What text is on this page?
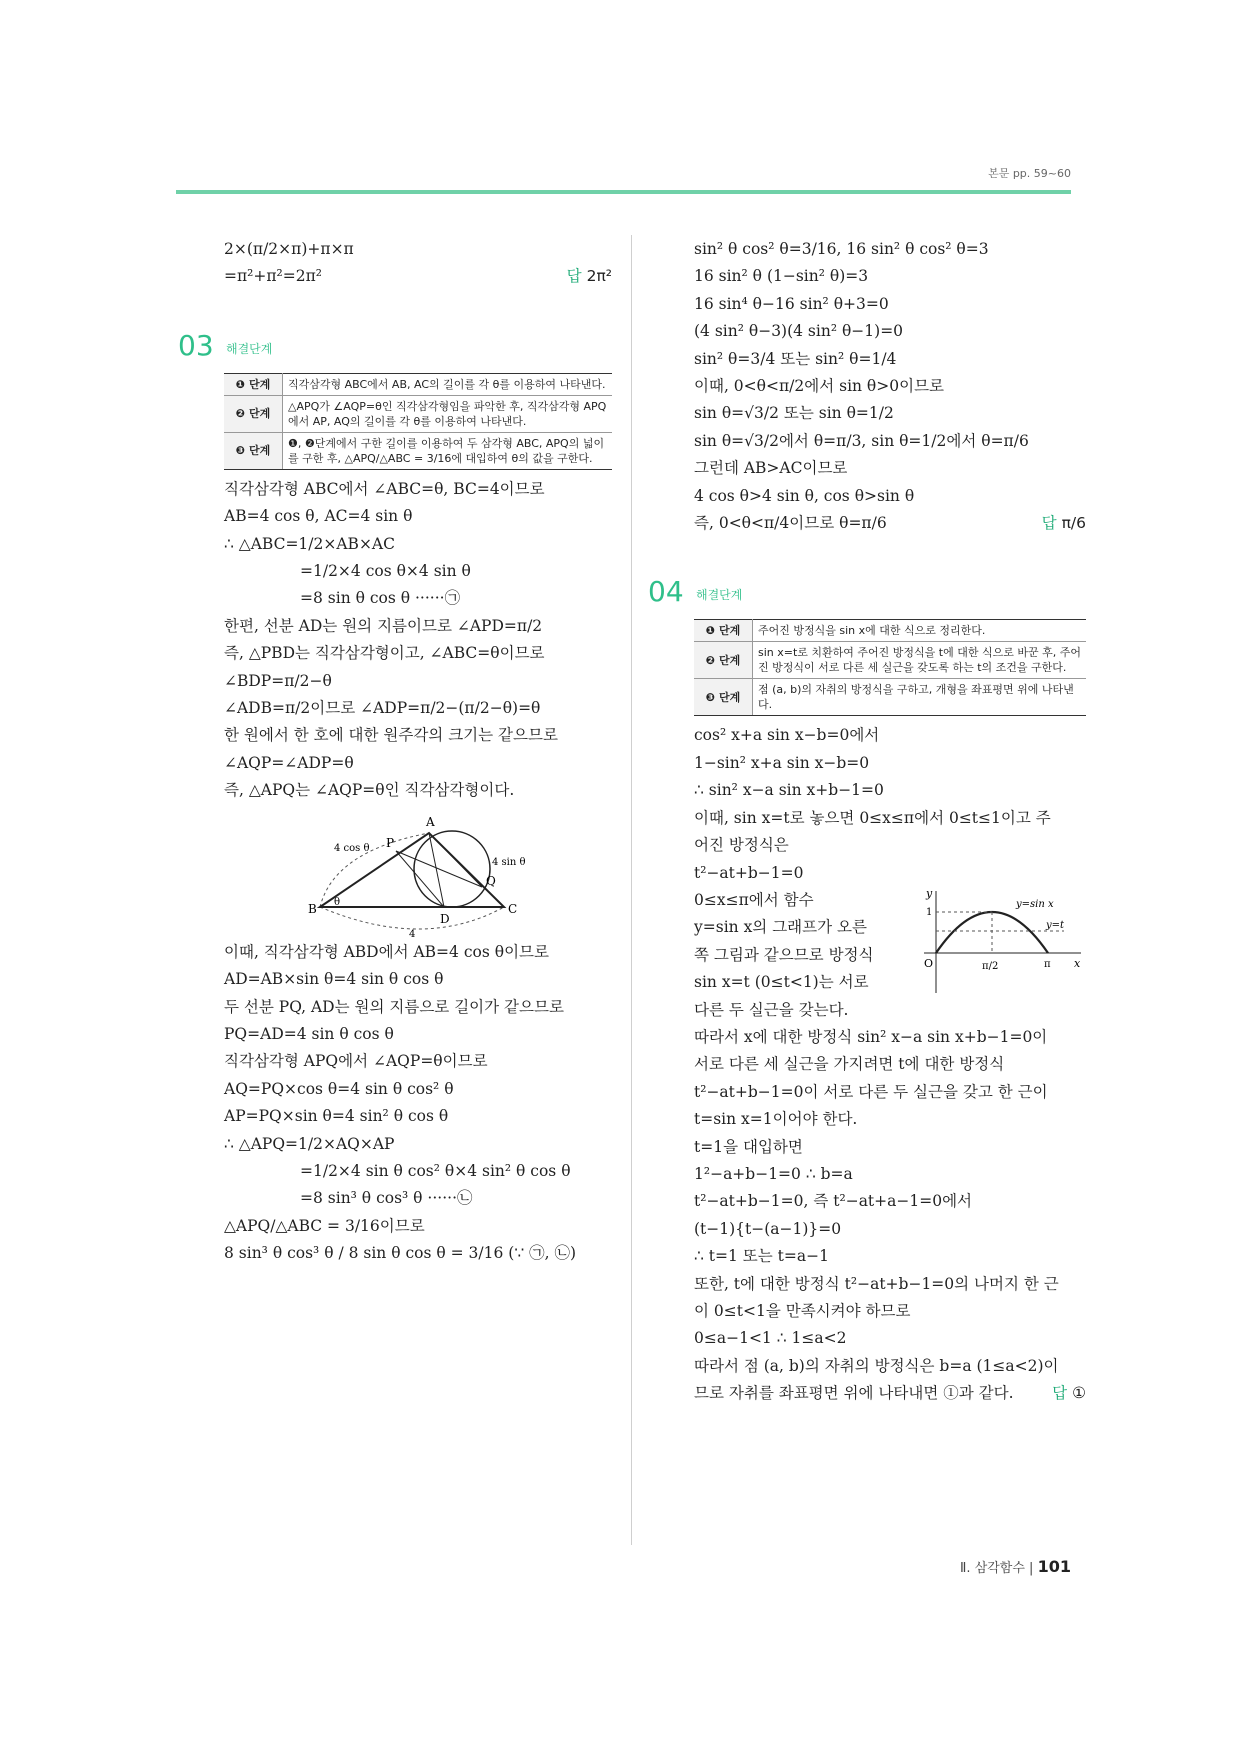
본문 pp. 59~60
2×(π/2×π)+π×π
답 2π²
=π²+π²=2π²
03 해결단계
❶ 단계	직각삼각형 ABC에서 AB, AC의 길이를 각 θ를 이용하여 나타낸다.
❷ 단계	△APQ가 ∠AQP=θ인 직각삼각형임을 파악한 후, 직각삼각형 APQ에서 AP, AQ의 길이를 각 θ를 이용하여 나타낸다.
❸ 단계	❶, ❷단계에서 구한 길이를 이용하여 두 삼각형 ABC, APQ의 넓이를 구한 후, △APQ/△ABC = 3/16에 대입하여 θ의 값을 구한다.
직각삼각형 ABC에서 ∠ABC=θ, BC=4이므로
AB=4 cos θ, AC=4 sin θ
∴ △ABC=1/2×AB×AC
=1/2×4 cos θ×4 sin θ
=8 sin θ cos θ ······㉠
한편, 선분 AD는 원의 지름이므로 ∠APD=π/2
즉, △PBD는 직각삼각형이고, ∠ABC=θ이므로
∠BDP=π/2−θ
∠ADB=π/2이므로 ∠ADP=π/2−(π/2−θ)=θ
한 원에서 한 호에 대한 원주각의 크기는 같으므로
∠AQP=∠ADP=θ
즉, △APQ는 ∠AQP=θ인 직각삼각형이다.
A
B	C
D
P
Q
4 cos θ
4 sin θ
4
θ
이때, 직각삼각형 ABD에서 AB=4 cos θ이므로
AD=AB×sin θ=4 sin θ cos θ
두 선분 PQ, AD는 원의 지름으로 길이가 같으므로
PQ=AD=4 sin θ cos θ
직각삼각형 APQ에서 ∠AQP=θ이므로
AQ=PQ×cos θ=4 sin θ cos² θ
AP=PQ×sin θ=4 sin² θ cos θ
∴ △APQ=1/2×AQ×AP
=1/2×4 sin θ cos² θ×4 sin² θ cos θ
=8 sin³ θ cos³ θ ······㉡
△APQ/△ABC = 3/16이므로
8 sin³ θ cos³ θ / 8 sin θ cos θ = 3/16 (∵ ㉠, ㉡)
sin² θ cos² θ=3/16, 16 sin² θ cos² θ=3
16 sin² θ (1−sin² θ)=3
16 sin⁴ θ−16 sin² θ+3=0
(4 sin² θ−3)(4 sin² θ−1)=0
sin² θ=3/4 또는 sin² θ=1/4
이때, 0<θ<π/2에서 sin θ>0이므로
sin θ=√3/2 또는 sin θ=1/2
sin θ=√3/2에서 θ=π/3, sin θ=1/2에서 θ=π/6
그런데 AB>AC이므로
4 cos θ>4 sin θ, cos θ>sin θ
답 π/6
즉, 0<θ<π/4이므로 θ=π/6
04 해결단계
❶ 단계	주어진 방정식을 sin x에 대한 식으로 정리한다.
❷ 단계	sin x=t로 치환하여 주어진 방정식을 t에 대한 식으로 바꾼 후, 주어진 방정식이 서로 다른 세 실근을 갖도록 하는 t의 조건을 구한다.
❸ 단계	점 (a, b)의 자취의 방정식을 구하고, 개형을 좌표평면 위에 나타낸다.
cos² x+a sin x−b=0에서
1−sin² x+a sin x−b=0
∴ sin² x−a sin x+b−1=0
이때, sin x=t로 놓으면 0≤x≤π에서 0≤t≤1이고 주
어진 방정식은
t²−at+b−1=0
y
x
O
1
π/2	π
y=sin x
y=t
0≤x≤π에서 함수
y=sin x의 그래프가 오른
쪽 그림과 같으므로 방정식
sin x=t (0≤t<1)는 서로
다른 두 실근을 갖는다.
따라서 x에 대한 방정식 sin² x−a sin x+b−1=0이
서로 다른 세 실근을 가지려면 t에 대한 방정식
t²−at+b−1=0이 서로 다른 두 실근을 갖고 한 근이
t=sin x=1이어야 한다.
t=1을 대입하면
1²−a+b−1=0 ∴ b=a
t²−at+b−1=0, 즉 t²−at+a−1=0에서
(t−1){t−(a−1)}=0
∴ t=1 또는 t=a−1
또한, t에 대한 방정식 t²−at+b−1=0의 나머지 한 근
이 0≤t<1을 만족시켜야 하므로
0≤a−1<1 ∴ 1≤a<2
따라서 점 (a, b)의 자취의 방정식은 b=a (1≤a<2)이
답 ①
므로 자취를 좌표평면 위에 나타내면 ①과 같다.
Ⅱ. 삼각함수 | 101
